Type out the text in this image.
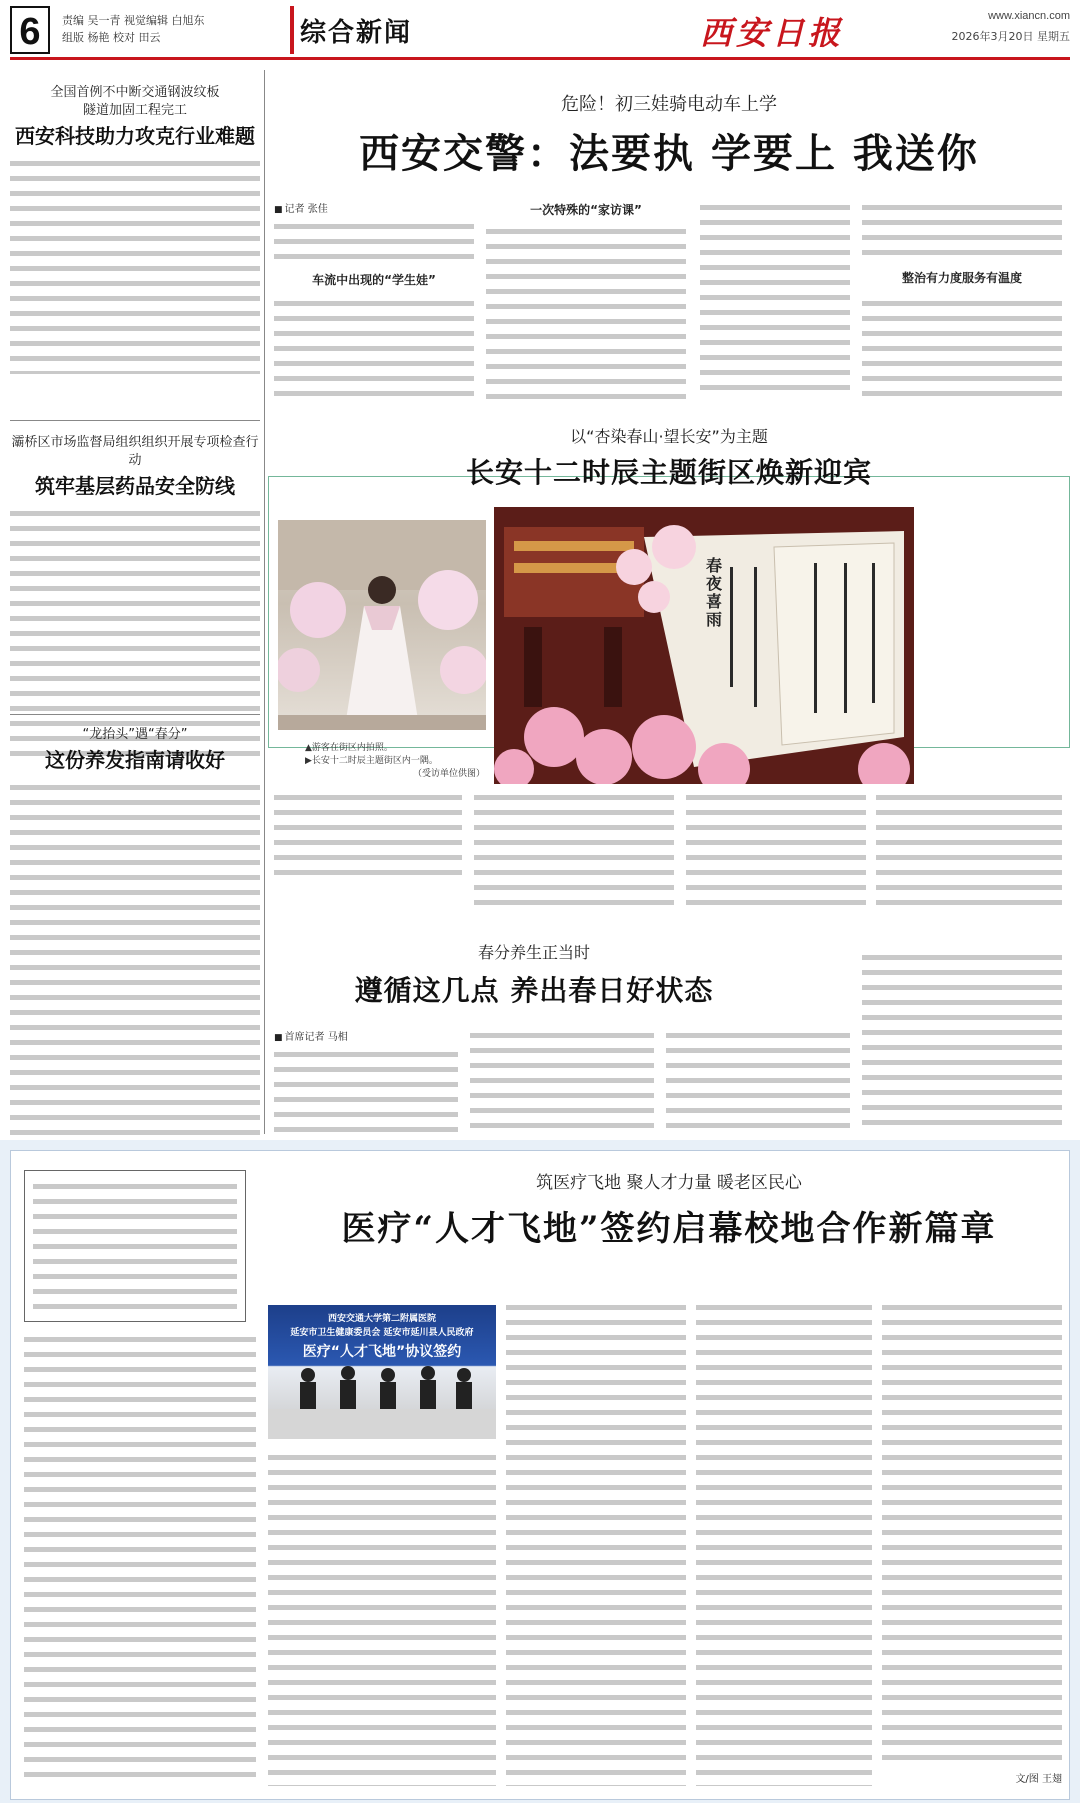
6	责编 吴一青 视觉编辑 白旭东
组版 杨艳 校对 田云	综合新闻	西安日报	www.xiancn.com
2026年3月20日 星期五
全国首例不中断交通钢波纹板
隧道加固工程完工
西安科技助力攻克行业难题
灞桥区市场监督局组织组织开展专项检查行动
筑牢基层药品安全防线
“龙抬头”遇“春分”
这份养发指南请收好
危险！初三娃骑电动车上学
西安交警：法要执 学要上 我送你
■ 记者 张佳
车流中出现的“学生娃”
一次特殊的“家访课”
整治有力度服务有温度
以“杏染春山·望长安”为主题
长安十二时辰主题街区焕新迎宾
▲游客在街区内拍照。
▶长安十二时辰主题街区内一隅。
（受访单位供图）
春夜喜雨
春分养生正当时
遵循这几点 养出春日好状态
■ 首席记者 马相
筑医疗飞地 聚人才力量 暖老区民心
医疗“人才飞地”签约启幕校地合作新篇章
西安交通大学第二附属医院
延安市卫生健康委员会 延安市延川县人民政府
医疗“人才飞地”协议签约
文/图 王翅
